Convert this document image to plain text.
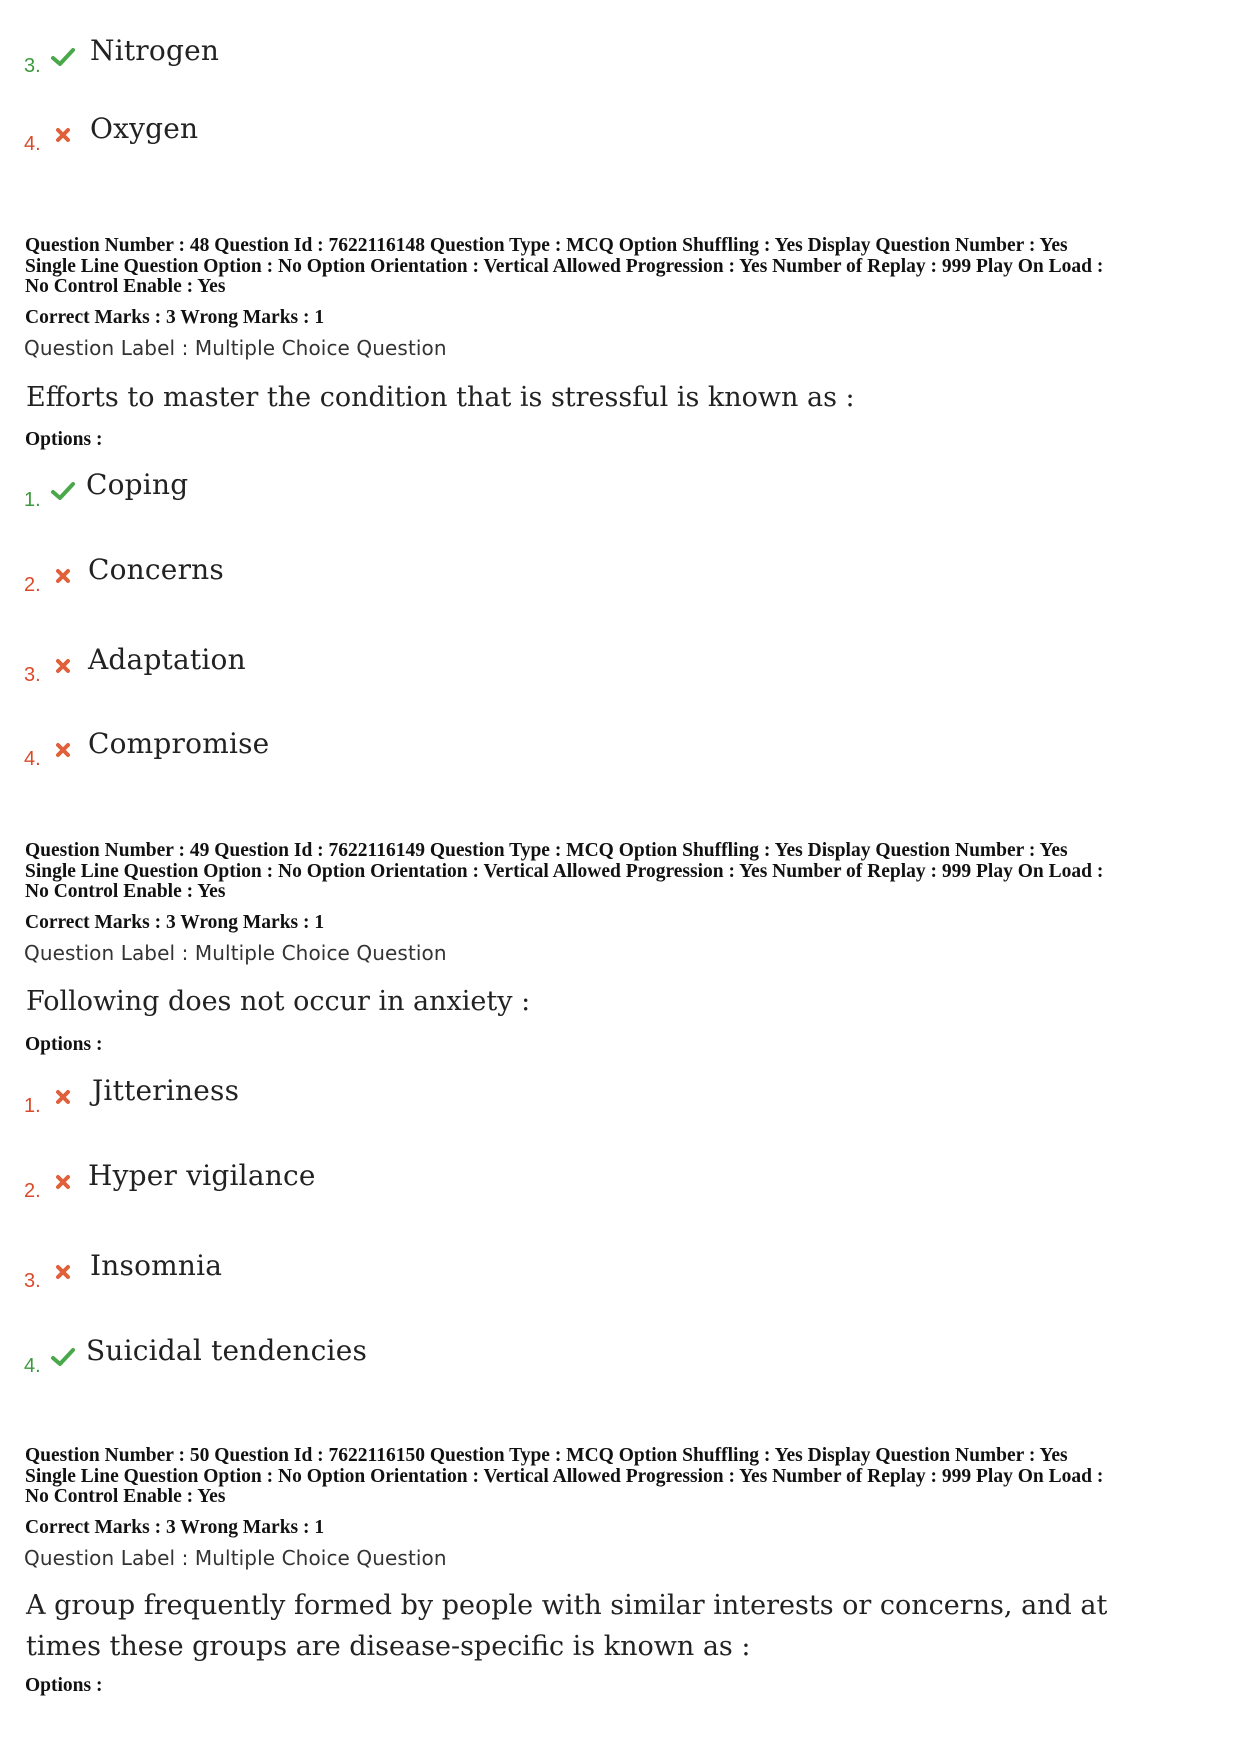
3. Nitrogen
4. Oxygen
Question Number : 48 Question Id : 7622116148 Question Type : MCQ Option Shuffling : Yes Display Question Number : Yes
Single Line Question Option : No Option Orientation : Vertical Allowed Progression : Yes Number of Replay : 999 Play On Load :
No Control Enable : Yes
Correct Marks : 3 Wrong Marks : 1
Question Label : Multiple Choice Question
Efforts to master the condition that is stressful is known as :
Options :
1. Coping
2. Concerns
3. Adaptation
4. Compromise
Question Number : 49 Question Id : 7622116149 Question Type : MCQ Option Shuffling : Yes Display Question Number : Yes
Single Line Question Option : No Option Orientation : Vertical Allowed Progression : Yes Number of Replay : 999 Play On Load :
No Control Enable : Yes
Correct Marks : 3 Wrong Marks : 1
Question Label : Multiple Choice Question
Following does not occur in anxiety :
Options :
1. Jitteriness
2. Hyper vigilance
3. Insomnia
4. Suicidal tendencies
Question Number : 50 Question Id : 7622116150 Question Type : MCQ Option Shuffling : Yes Display Question Number : Yes
Single Line Question Option : No Option Orientation : Vertical Allowed Progression : Yes Number of Replay : 999 Play On Load :
No Control Enable : Yes
Correct Marks : 3 Wrong Marks : 1
Question Label : Multiple Choice Question
A group frequently formed by people with similar interests or concerns, and at
times these groups are disease-specific is known as :
Options :
